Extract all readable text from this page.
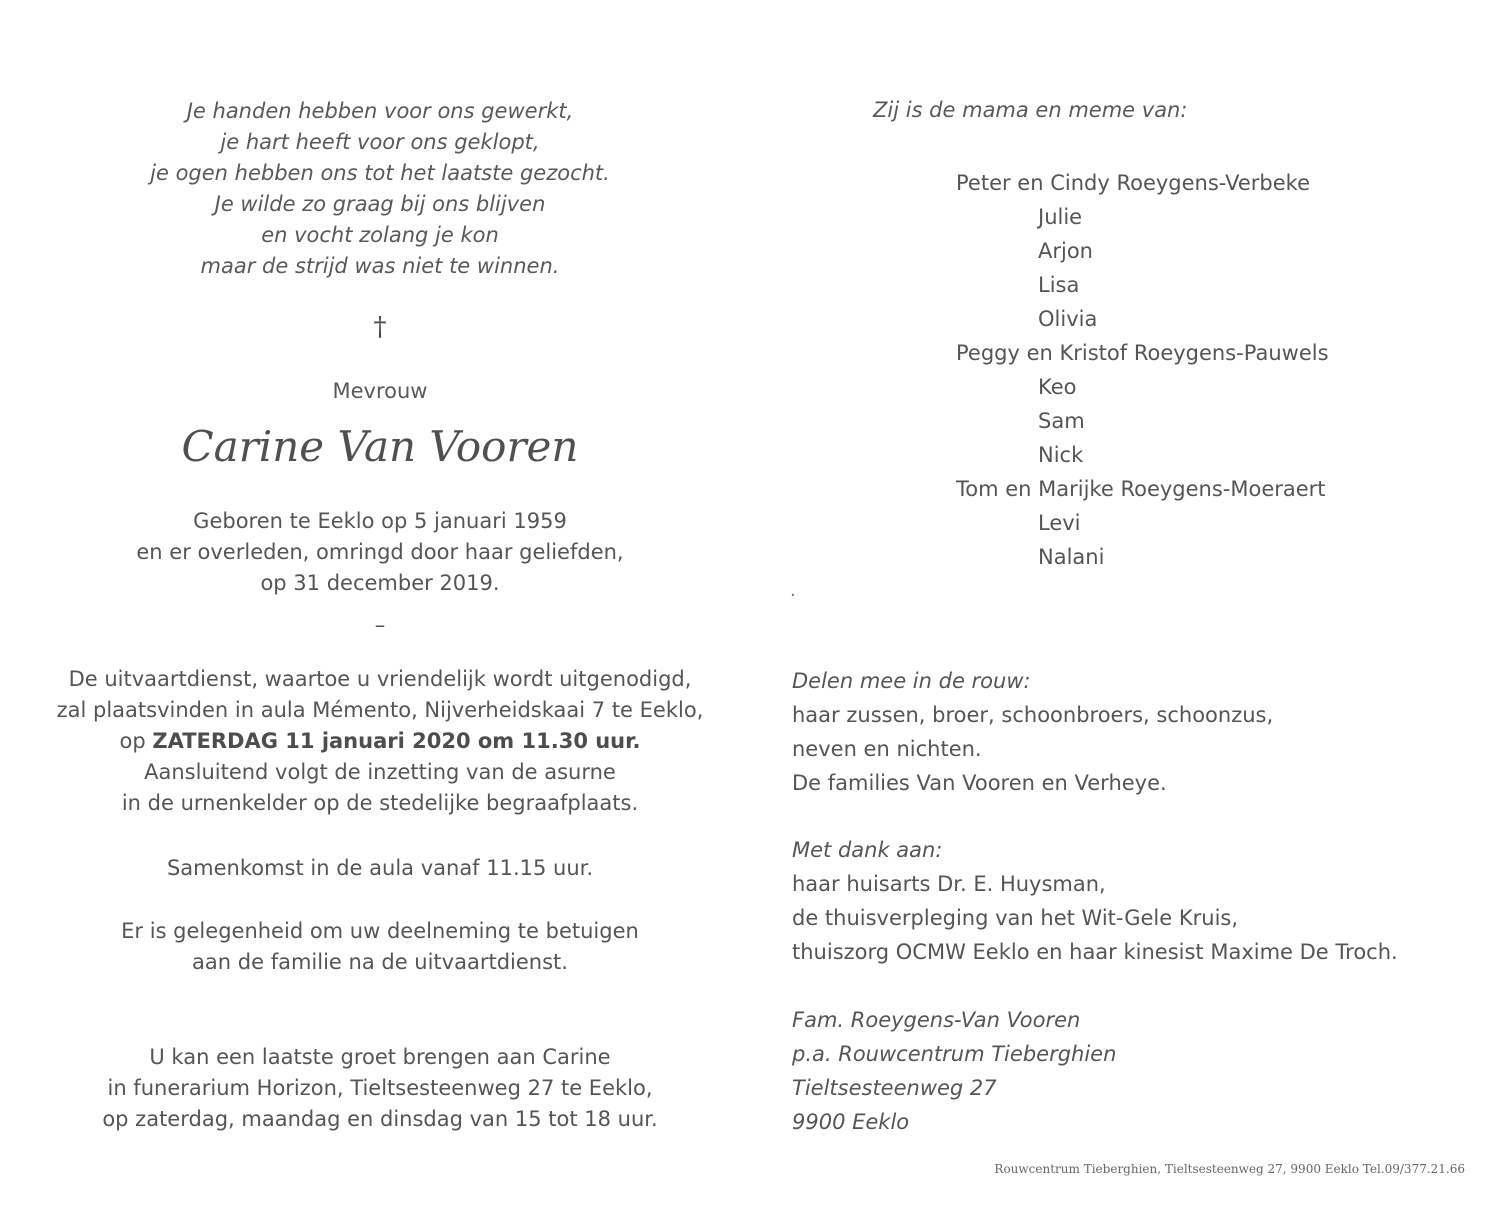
Je handen hebben voor ons gewerkt,
je hart heeft voor ons geklopt,
je ogen hebben ons tot het laatste gezocht.
Je wilde zo graag bij ons blijven
en vocht zolang je kon
maar de strijd was niet te winnen.
†
Mevrouw
Carine Van Vooren
Geboren te Eeklo op 5 januari 1959
en er overleden, omringd door haar geliefden,
op 31 december 2019.
–
De uitvaartdienst, waartoe u vriendelijk wordt uitgenodigd,
zal plaatsvinden in aula Mémento, Nijverheidskaai 7 te Eeklo,
op ZATERDAG 11 januari 2020 om 11.30 uur.
Aansluitend volgt de inzetting van de asurne
in de urnenkelder op de stedelijke begraafplaats.
Samenkomst in de aula vanaf 11.15 uur.
Er is gelegenheid om uw deelneming te betuigen
aan de familie na de uitvaartdienst.
U kan een laatste groet brengen aan Carine
in funerarium Horizon, Tieltsesteenweg 27 te Eeklo,
op zaterdag, maandag en dinsdag van 15 tot 18 uur.
Zij is de mama en meme van:
Peter en Cindy Roeygens-Verbeke
Julie
Arjon
Lisa
Olivia
Peggy en Kristof Roeygens-Pauwels
Keo
Sam
Nick
Tom en Marijke Roeygens-Moeraert
Levi
Nalani
.
Delen mee in de rouw:
haar zussen, broer, schoonbroers, schoonzus,
neven en nichten.
De families Van Vooren en Verheye.
Met dank aan:
haar huisarts Dr. E. Huysman,
de thuisverpleging van het Wit-Gele Kruis,
thuiszorg OCMW Eeklo en haar kinesist Maxime De Troch.
Fam. Roeygens-Van Vooren
p.a. Rouwcentrum Tieberghien
Tieltsesteenweg 27
9900 Eeklo
Rouwcentrum Tieberghien, Tieltsesteenweg 27, 9900 Eeklo Tel.09/377.21.66
